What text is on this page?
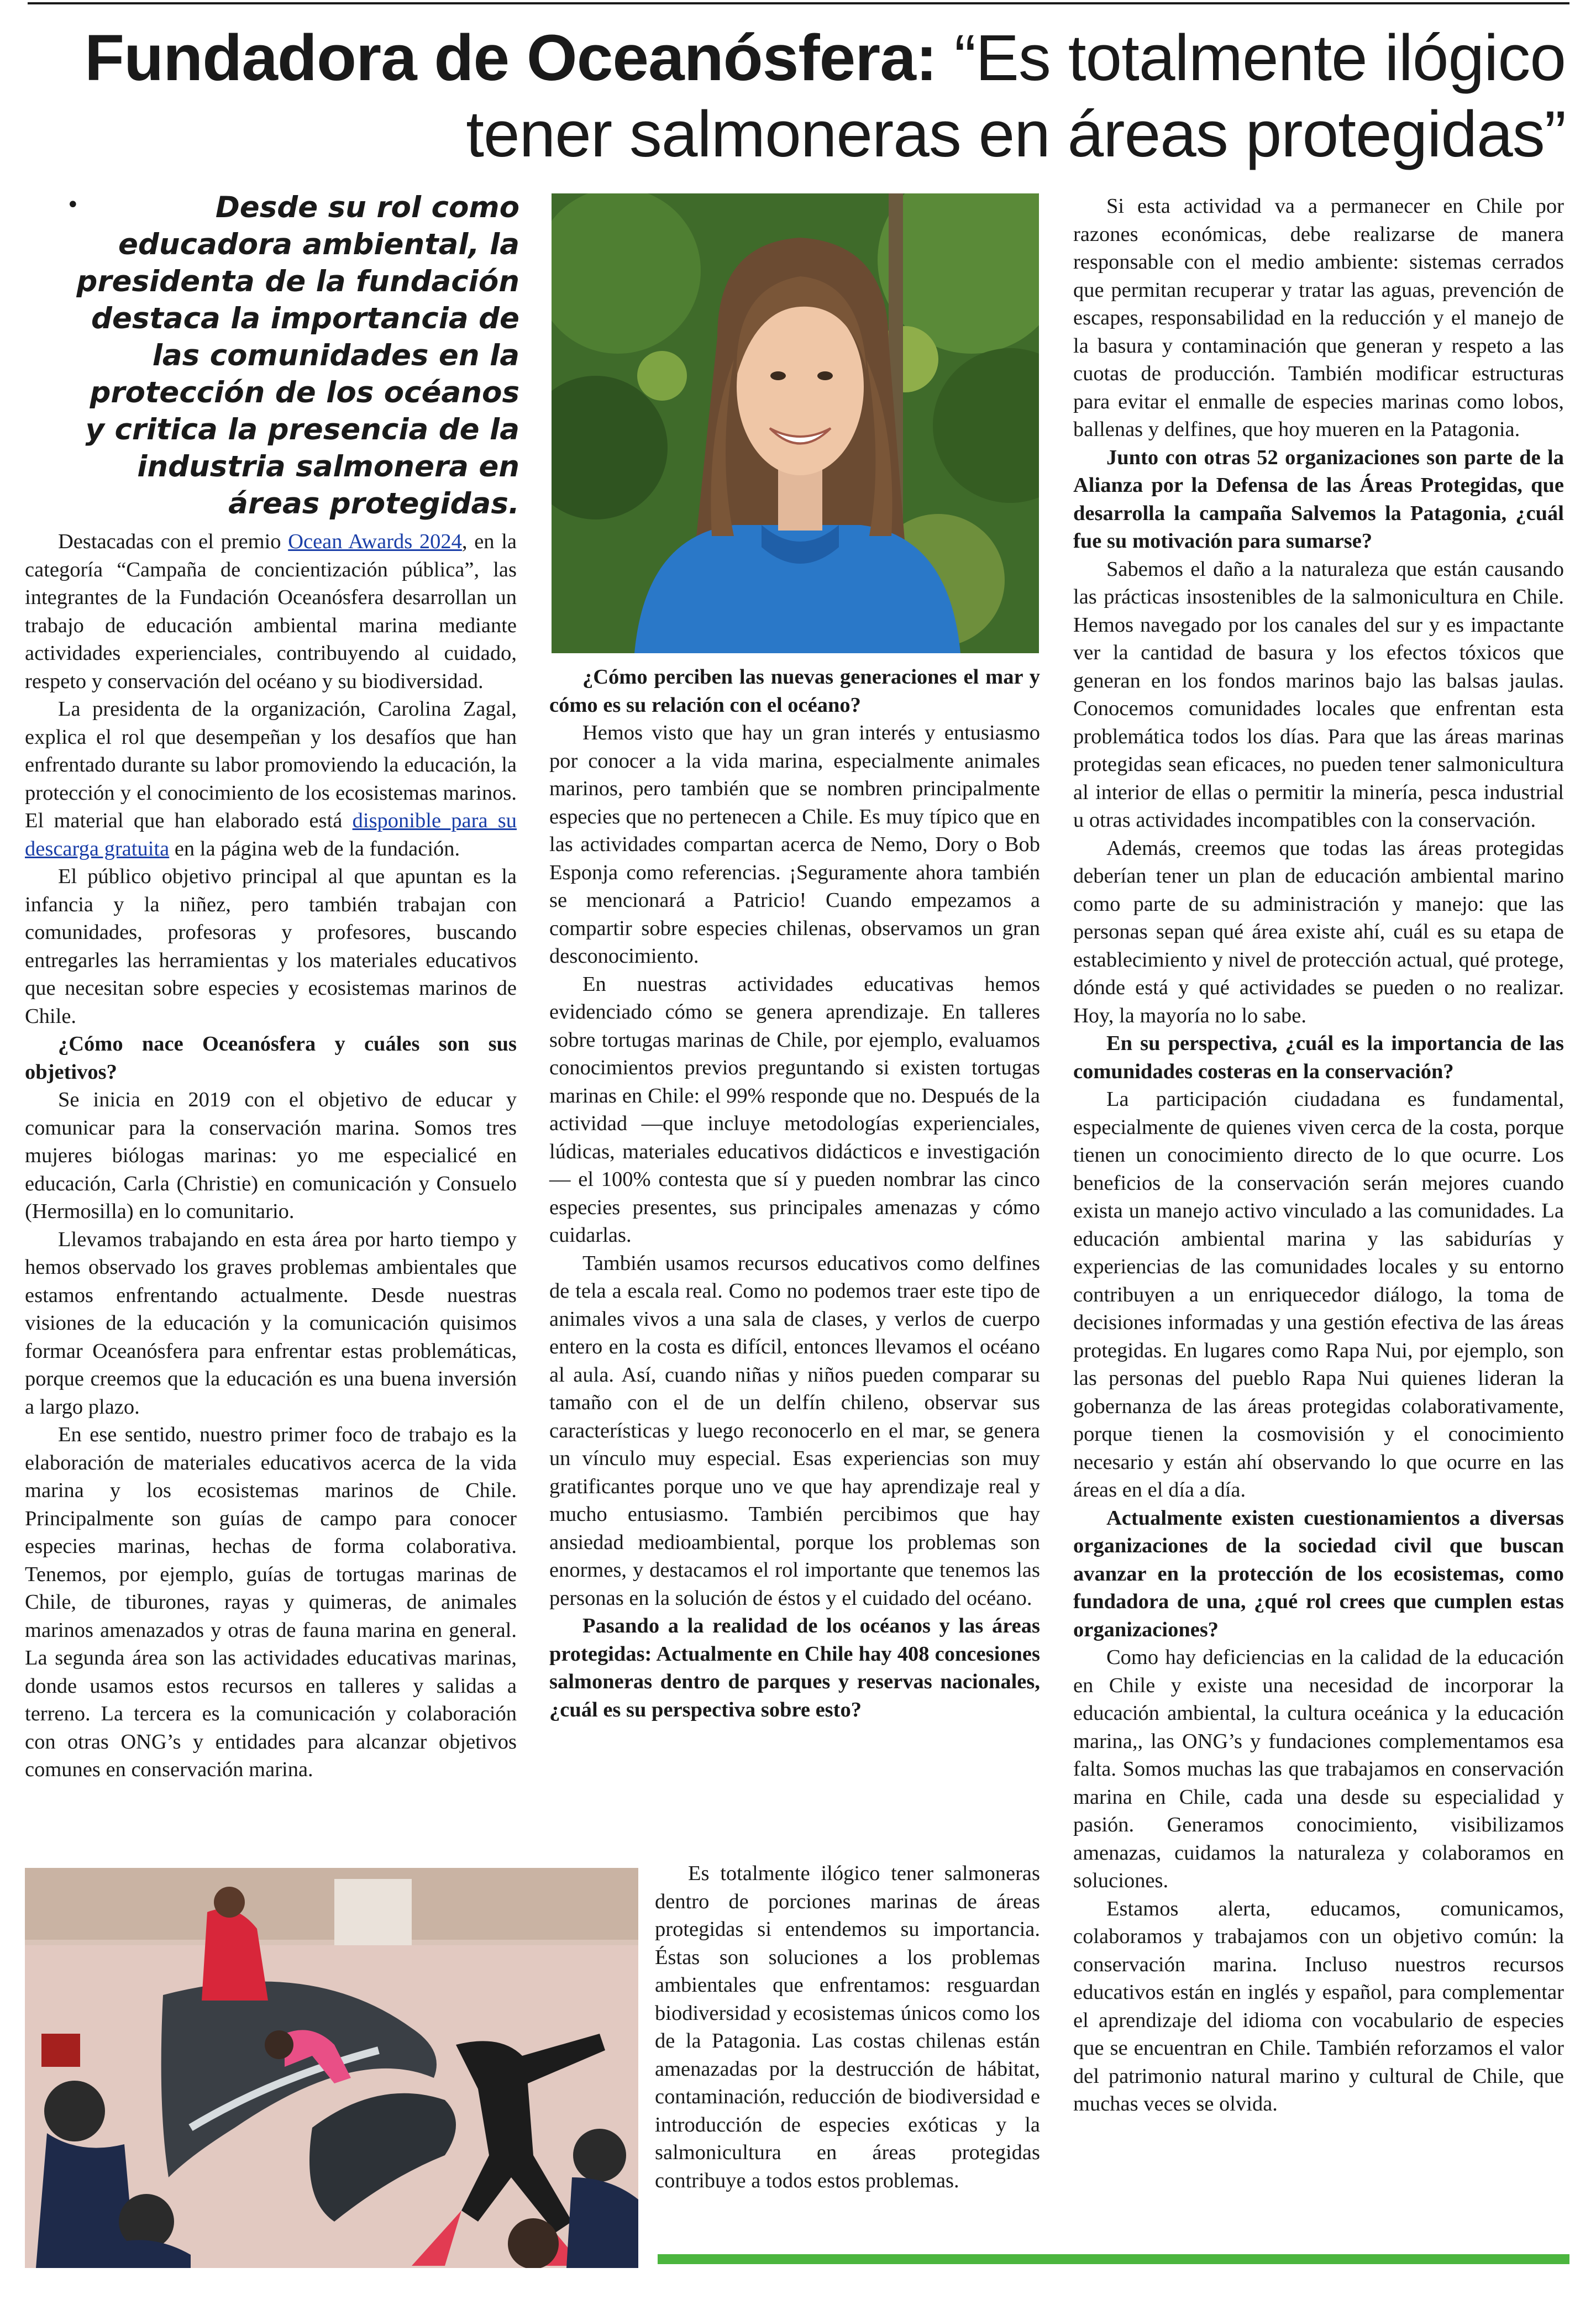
Fundadora de Oceanósfera: “Es totalmente ilógico tener salmoneras en áreas protegidas”
•	Desde su rol como educadora ambiental, la presidenta de la fundación destaca la importancia de las comunidades en la protección de los océanos y critica la presencia de la industria salmonera en áreas protegidas.

Destacadas con el premio Ocean Awards 2024, en la categoría “Campaña de concientización pública”, las integrantes de la Fundación Oceanósfera desarrollan un trabajo de educación ambiental marina mediante actividades experienciales, contribuyendo al cuidado, respeto y conservación del océano y su biodiversidad.

La presidenta de la organización, Carolina Zagal, explica el rol que desempeñan y los desafíos que han enfrentado durante su labor promoviendo la educación, la protección y el conocimiento de los ecosistemas marinos. El material que han elaborado está disponible para su descarga gratuita en la página web de la fundación.

El público objetivo principal al que apuntan es la infancia y la niñez, pero también trabajan con comunidades, profesoras y profesores, buscando entregarles las herramientas y los materiales educativos que necesitan sobre especies y ecosistemas marinos de Chile.

¿Cómo nace Oceanósfera y cuáles son sus objetivos?

Se inicia en 2019 con el objetivo de educar y comunicar para la conservación marina. Somos tres mujeres biólogas marinas: yo me especialicé en educación, Carla (Christie) en comunicación y Consuelo (Hermosilla) en lo comunitario.

Llevamos trabajando en esta área por harto tiempo y hemos observado los graves problemas ambientales que estamos enfrentando actualmente. Desde nuestras visiones de la educación y la comunicación quisimos formar Oceanósfera para enfrentar estas problemáticas, porque creemos que la educación es una buena inversión a largo plazo.

En ese sentido, nuestro primer foco de trabajo es la elaboración de materiales educativos acerca de la vida marina y los ecosistemas marinos de Chile. Principalmente son guías de campo para conocer especies marinas, hechas de forma colaborativa. Tenemos, por ejemplo, guías de tortugas marinas de Chile, de tiburones, rayas y quimeras, de animales marinos amenazados y otras de fauna marina en general. La segunda área son las actividades educativas marinas, donde usamos estos recursos en talleres y salidas a terreno. La tercera es la comunicación y colaboración con otras ONG’s y entidades para alcanzar objetivos comunes en conservación marina.

¿Cómo perciben las nuevas generaciones el mar y cómo es su relación con el océano?

Hemos visto que hay un gran interés y entusiasmo por conocer a la vida marina, especialmente animales marinos, pero también que se nombren principalmente especies que no pertenecen a Chile. Es muy típico que en las actividades compartan acerca de Nemo, Dory o Bob Esponja como referencias. ¡Seguramente ahora también se mencionará a Patricio! Cuando empezamos a compartir sobre especies chilenas, observamos un gran desconocimiento.

En nuestras actividades educativas hemos evidenciado cómo se genera aprendizaje. En talleres sobre tortugas marinas de Chile, por ejemplo, evaluamos conocimientos previos preguntando si existen tortugas marinas en Chile: el 99% responde que no. Después de la actividad —que incluye metodologías experienciales, lúdicas, materiales educativos didácticos e investigación— el 100% contesta que sí y pueden nombrar las cinco especies presentes, sus principales amenazas y cómo cuidarlas.

También usamos recursos educativos como delfines de tela a escala real. Como no podemos traer este tipo de animales vivos a una sala de clases, y verlos de cuerpo entero en la costa es difícil, entonces llevamos el océano al aula. Así, cuando niñas y niños pueden comparar su tamaño con el de un delfín chileno, observar sus características y luego reconocerlo en el mar, se genera un vínculo muy especial. Esas experiencias son muy gratificantes porque uno ve que hay aprendizaje real y mucho entusiasmo. También percibimos que hay ansiedad medioambiental, porque los problemas son enormes, y destacamos el rol importante que tenemos las personas en la solución de éstos y el cuidado del océano.

Pasando a la realidad de los océanos y las áreas protegidas: Actualmente en Chile hay 408 concesiones salmoneras dentro de parques y reservas nacionales, ¿cuál es su perspectiva sobre esto?

Es totalmente ilógico tener salmoneras dentro de porciones marinas de áreas protegidas si entendemos su importancia. Éstas son soluciones a los problemas ambientales que enfrentamos: resguardan biodiversidad y ecosistemas únicos como los de la Patagonia. Las costas chilenas están amenazadas por la destrucción de hábitat, contaminación, reducción de biodiversidad e introducción de especies exóticas y la salmonicultura en áreas protegidas contribuye a todos estos problemas.

Si esta actividad va a permanecer en Chile por razones económicas, debe realizarse de manera responsable con el medio ambiente: sistemas cerrados que permitan recuperar y tratar las aguas, prevención de escapes, responsabilidad en la reducción y el manejo de la basura y contaminación que generan y respeto a las cuotas de producción. También modificar estructuras para evitar el enmalle de especies marinas como lobos, ballenas y delfines, que hoy mueren en la Patagonia.

Junto con otras 52 organizaciones son parte de la Alianza por la Defensa de las Áreas Protegidas, que desarrolla la campaña Salvemos la Patagonia, ¿cuál fue su motivación para sumarse?

Sabemos el daño a la naturaleza que están causando las prácticas insostenibles de la salmonicultura en Chile. Hemos navegado por los canales del sur y es impactante ver la cantidad de basura y los efectos tóxicos que generan en los fondos marinos bajo las balsas jaulas. Conocemos comunidades locales que enfrentan esta problemática todos los días. Para que las áreas marinas protegidas sean eficaces, no pueden tener salmonicultura al interior de ellas o permitir la minería, pesca industrial u otras actividades incompatibles con la conservación.

Además, creemos que todas las áreas protegidas deberían tener un plan de educación ambiental marino como parte de su administración y manejo: que las personas sepan qué área existe ahí, cuál es su etapa de establecimiento y nivel de protección actual, qué protege, dónde está y qué actividades se pueden o no realizar. Hoy, la mayoría no lo sabe.

En su perspectiva, ¿cuál es la importancia de las comunidades costeras en la conservación?

La participación ciudadana es fundamental, especialmente de quienes viven cerca de la costa, porque tienen un conocimiento directo de lo que ocurre. Los beneficios de la conservación serán mejores cuando exista un manejo activo vinculado a las comunidades. La educación ambiental marina y las sabidurías y experiencias de las comunidades locales y su entorno contribuyen a un enriquecedor diálogo, la toma de decisiones informadas y una gestión efectiva de las áreas protegidas. En lugares como Rapa Nui, por ejemplo, son las personas del pueblo Rapa Nui quienes lideran la gobernanza de las áreas protegidas colaborativamente, porque tienen la cosmovisión y el conocimiento necesario y están ahí observando lo que ocurre en las áreas en el día a día.

Actualmente existen cuestionamientos a diversas organizaciones de la sociedad civil que buscan avanzar en la protección de los ecosistemas, como fundadora de una, ¿qué rol crees que cumplen estas organizaciones?

Como hay deficiencias en la calidad de la educación en Chile y existe una necesidad de incorporar la educación ambiental, la cultura oceánica y la educación marina,, las ONG’s y fundaciones complementamos esa falta. Somos muchas las que trabajamos en conservación marina en Chile, cada una desde su especialidad y pasión. Generamos conocimiento, visibilizamos amenazas, cuidamos la naturaleza y colaboramos en soluciones.

Estamos alerta, educamos, comunicamos, colaboramos y trabajamos con un objetivo común: la conservación marina. Incluso nuestros recursos educativos están en inglés y español, para complementar el aprendizaje del idioma con vocabulario de especies que se encuentran en Chile. También reforzamos el valor del patrimonio natural marino y cultural de Chile, que muchas veces se olvida.
